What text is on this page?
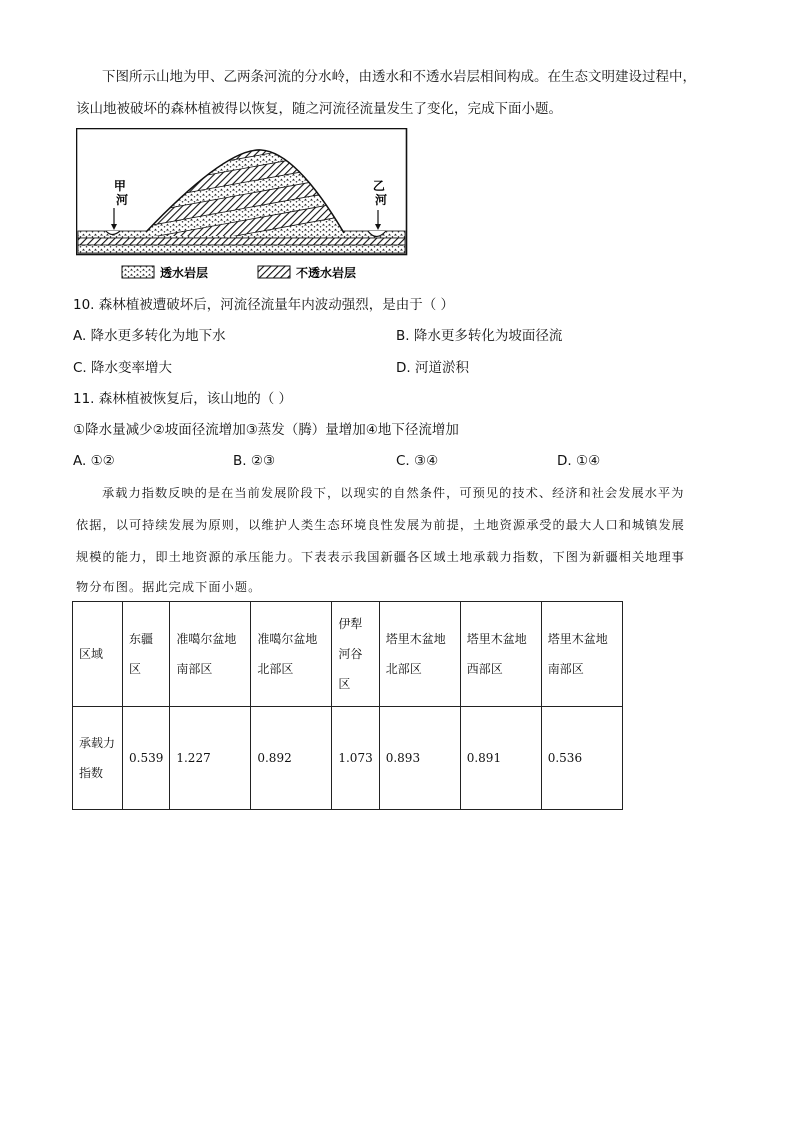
下图所示山地为甲、乙两条河流的分水岭，由透水和不透水岩层相间构成。在生态文明建设过程中，
该山地被破坏的森林植被得以恢复，随之河流径流量发生了变化，完成下面小题。
甲 河
乙 河
透水岩层	不透水岩层
10. 森林植被遭破坏后，河流径流量年内波动强烈，是由于（ ）
A. 降水更多转化为地下水	B. 降水更多转化为坡面径流
C. 降水变率增大	D. 河道淤积
11. 森林植被恢复后，该山地的（ ）
①降水量减少②坡面径流增加③蒸发（腾）量增加④地下径流增加
A. ①②	B. ②③	C. ③④	D. ①④
承载力指数反映的是在当前发展阶段下，以现实的自然条件，可预见的技术、经济和社会发展水平为
依据，以可持续发展为原则，以维护人类生态环境良性发展为前提，土地资源承受的最大人口和城镇发展
规模的能力，即土地资源的承压能力。下表表示我国新疆各区域土地承载力指数，下图为新疆相关地理事
物分布图。据此完成下面小题。
区域	东疆区	准噶尔盆地南部区	准噶尔盆地北部区	伊犁河谷区	塔里木盆地北部区	塔里木盆地西部区	塔里木盆地南部区
承载力指数	0.539	1.227	0.892	1.073	0.893	0.891	0.536
